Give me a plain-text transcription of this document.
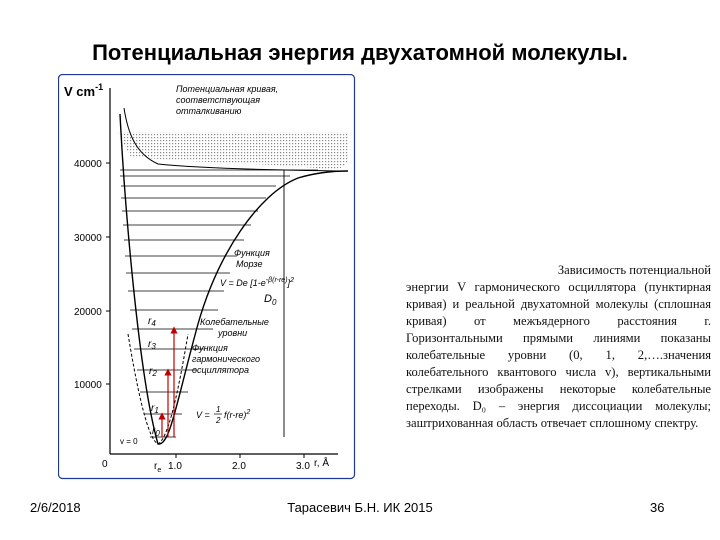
Потенциальная энергия двухатомной молекулы.
V $cm^{-1}$
40000
30000
20000
10000
0	$r_e$ 1.0	2.0	3.0 r, Å
$D_0$
$r_0$
$r_1$
$r_2$
$r_3$
$r_4$
v = 0
Потенциальная кривая,
соответствующая
отталкиванию
Функция
Морзе
V = De $[1-e^{-\beta(r-re)}]^2$
Колебательные
уровни
Функция
гармонического
осциллятора
V =
1
2
$f(r-re)^2$
Зависимость потенциальной
энергии V гармонического осциллятора (пунктирная кривая) и реальной двухатомной молекулы (сплошная кривая) от межъядерного расстояния r. Горизонтальными прямыми линиями показаны колебательные уровни (0, 1, 2,….значения колебательного квантового числа v), вертикальными стрелками изображены некоторые колебательные переходы. D₀ – энергия диссоциации молекулы; заштрихованная область отвечает сплошному спектру.
2/6/2018	Тарасевич Б.Н. ИК 2015	36
